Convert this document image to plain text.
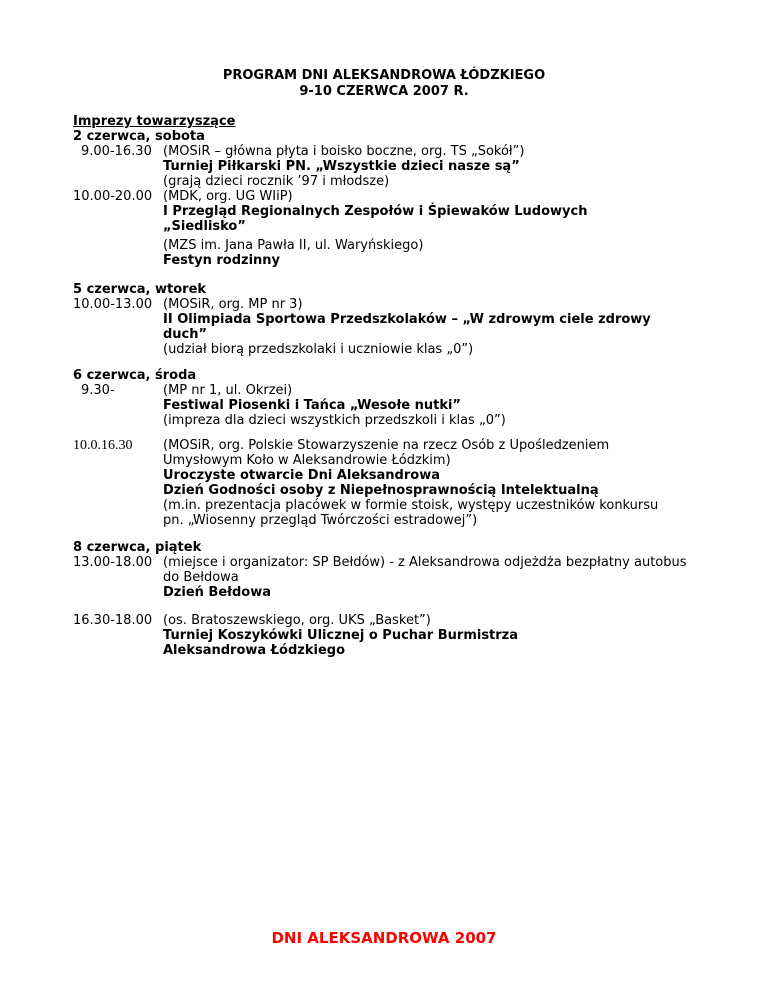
PROGRAM DNI ALEKSANDROWA ŁÓDZKIEGO
9-10 CZERWCA 2007 R.
Imprezy towarzyszące
2 czerwca, sobota
9.00-16.30 (MOSiR – główna płyta i boisko boczne, org. TS „Sokół”)
Turniej Piłkarski PN. „Wszystkie dzieci nasze są”
(grają dzieci rocznik ’97 i młodsze)
10.00-20.00 (MDK, org. UG WIiP)
I Przegląd Regionalnych Zespołów i Śpiewaków Ludowych
„Siedlisko”
(MZS im. Jana Pawła II, ul. Waryńskiego)
Festyn rodzinny
5 czerwca, wtorek
10.00-13.00 (MOSiR, org. MP nr 3)
II Olimpiada Sportowa Przedszkolaków – „W zdrowym ciele zdrowy
duch”
(udział biorą przedszkolaki i uczniowie klas „0”)
6 czerwca, środa
9.30-	(MP nr 1, ul. Okrzei)
Festiwal Piosenki i Tańca „Wesołe nutki”
(impreza dla dzieci wszystkich przedszkoli i klas „0”)
10.0.16.30	(MOSiR, org. Polskie Stowarzyszenie na rzecz Osób z Upośledzeniem
Umysłowym Koło w Aleksandrowie Łódzkim)
Uroczyste otwarcie Dni Aleksandrowa
Dzień Godności osoby z Niepełnosprawnością Intelektualną
(m.in. prezentacja placówek w formie stoisk, występy uczestników konkursu
pn. „Wiosenny przegląd Twórczości estradowej”)
8 czerwca, piątek
13.00-18.00 (miejsce i organizator: SP Bełdów) - z Aleksandrowa odjeżdża bezpłatny autobus
do Bełdowa
Dzień Bełdowa
16.30-18.00 (os. Bratoszewskiego, org. UKS „Basket”)
Turniej Koszykówki Ulicznej o Puchar Burmistrza
Aleksandrowa Łódzkiego
DNI ALEKSANDROWA 2007
